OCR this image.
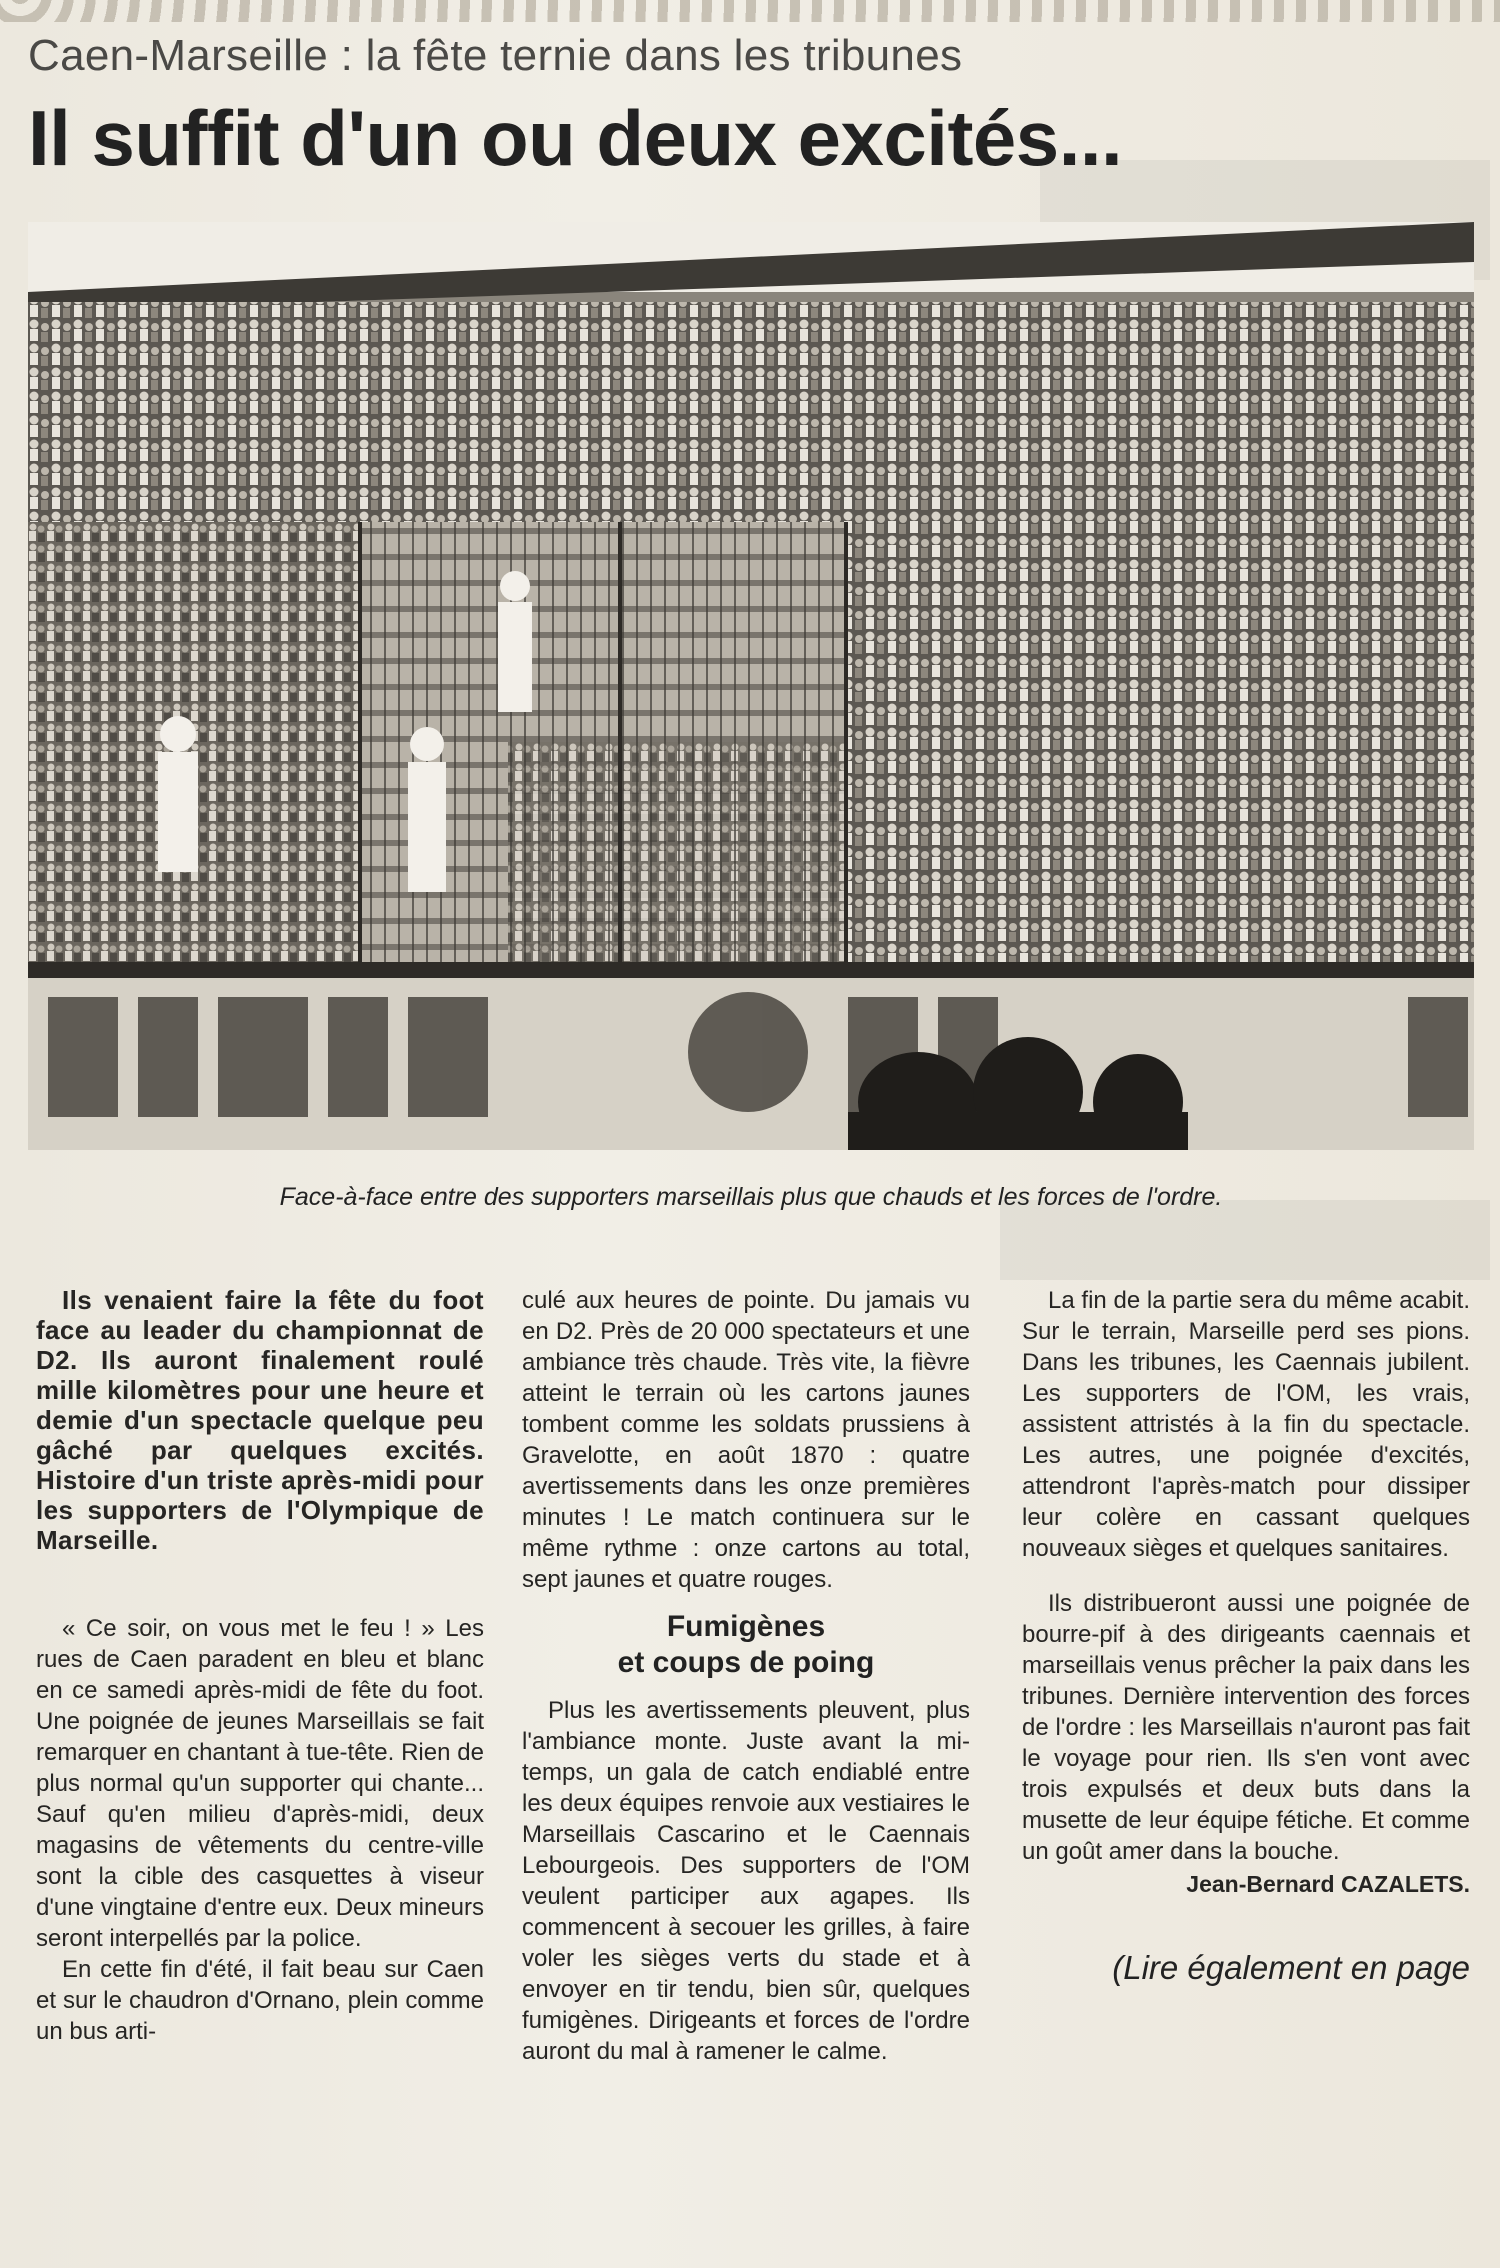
Caen-Marseille : la fête ternie dans les tribunes
Il suffit d'un ou deux excités...
Face-à-face entre des supporters marseillais plus que chauds et les forces de l'ordre.

Ils venaient faire la fête du foot face au leader du championnat de D2. Ils auront finalement roulé mille kilomètres pour une heure et demie d'un spectacle quelque peu gâché par quelques excités. Histoire d'un triste après-midi pour les supporters de l'Olympique de Marseille.

« Ce soir, on vous met le feu ! » Les rues de Caen paradent en bleu et blanc en ce samedi après-midi de fête du foot. Une poignée de jeunes Marseillais se fait remarquer en chantant à tue-tête. Rien de plus normal qu'un supporter qui chante... Sauf qu'en milieu d'après-midi, deux magasins de vêtements du centre-ville sont la cible des casquettes à viseur d'une vingtaine d'entre eux. Deux mineurs seront interpellés par la police.

En cette fin d'été, il fait beau sur Caen et sur le chaudron d'Ornano, plein comme un bus arti-

culé aux heures de pointe. Du jamais vu en D2. Près de 20 000 spectateurs et une ambiance très chaude. Très vite, la fièvre atteint le terrain où les cartons jaunes tombent comme les soldats prussiens à Gravelotte, en août 1870 : quatre avertissements dans les onze premières minutes ! Le match continuera sur le même rythme : onze cartons au total, sept jaunes et quatre rouges.

Fumigènes
et coups de poing

Plus les avertissements pleuvent, plus l'ambiance monte. Juste avant la mi-temps, un gala de catch endiablé entre les deux équipes renvoie aux vestiaires le Marseillais Cascarino et le Caennais Lebourgeois. Des supporters de l'OM veulent participer aux agapes. Ils commencent à secouer les grilles, à faire voler les sièges verts du stade et à envoyer en tir tendu, bien sûr, quelques fumigènes. Dirigeants et forces de l'ordre auront du mal à ramener le calme.

La fin de la partie sera du même acabit. Sur le terrain, Marseille perd ses pions. Dans les tribunes, les Caennais jubilent. Les supporters de l'OM, les vrais, assistent attristés à la fin du spectacle. Les autres, une poignée d'excités, attendront l'après-match pour dissiper leur colère en cassant quelques nouveaux sièges et quelques sanitaires.

Ils distribueront aussi une poignée de bourre-pif à des dirigeants caennais et marseillais venus prêcher la paix dans les tribunes. Dernière intervention des forces de l'ordre : les Marseillais n'auront pas fait le voyage pour rien. Ils s'en vont avec trois expulsés et deux buts dans la musette de leur équipe fétiche. Et comme un goût amer dans la bouche.

Jean-Bernard CAZALETS.
(Lire également en page
